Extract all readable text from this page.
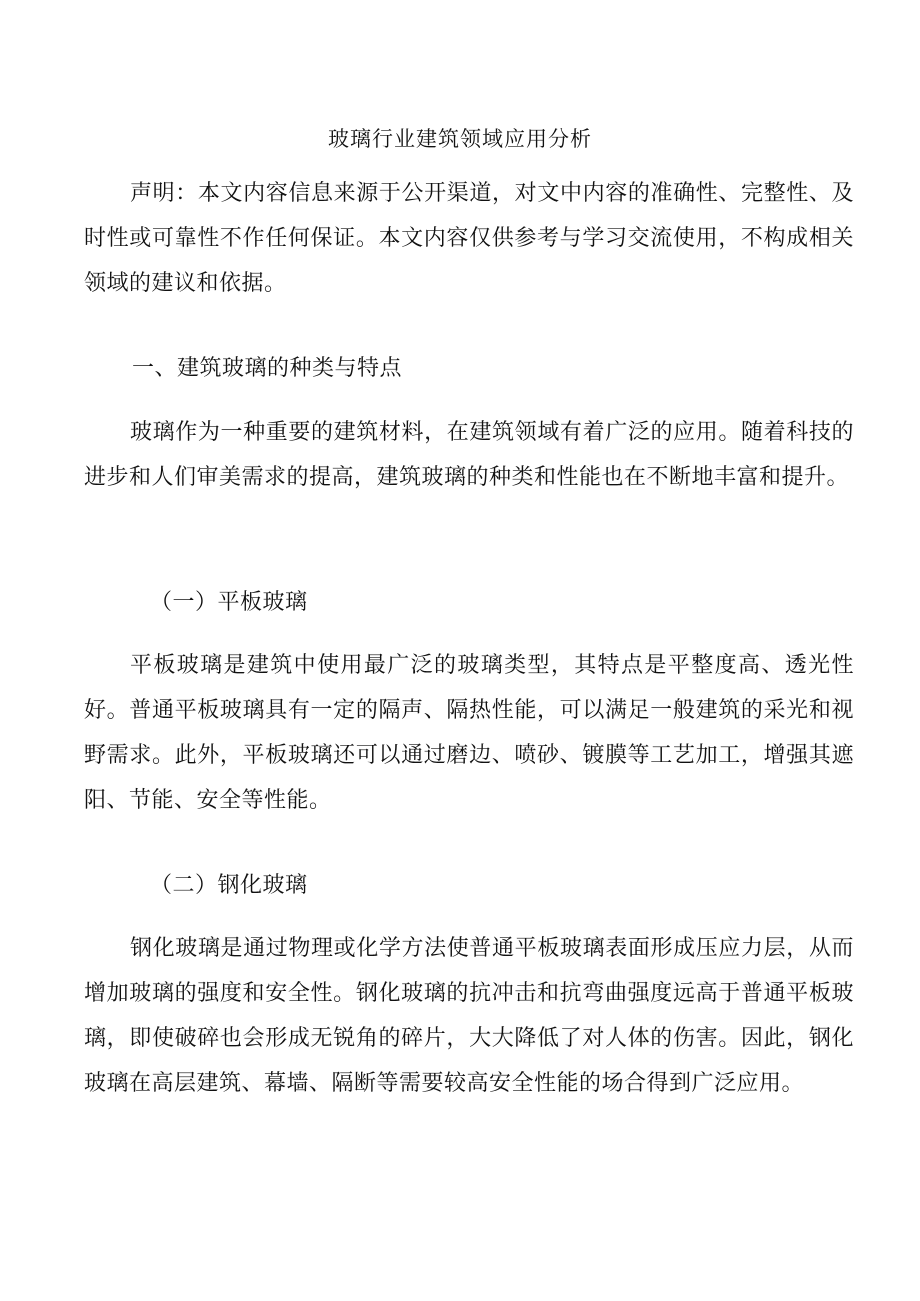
玻璃行业建筑领域应用分析

声明：本文内容信息来源于公开渠道，对文中内容的准确性、完整性、及时性或可靠性不作任何保证。本文内容仅供参考与学习交流使用，不构成相关领域的建议和依据。

一、建筑玻璃的种类与特点

玻璃作为一种重要的建筑材料，在建筑领域有着广泛的应用。随着科技的进步和人们审美需求的提高，建筑玻璃的种类和性能也在不断地丰富和提升。

（一）平板玻璃

平板玻璃是建筑中使用最广泛的玻璃类型，其特点是平整度高、透光性好。普通平板玻璃具有一定的隔声、隔热性能，可以满足一般建筑的采光和视野需求。此外，平板玻璃还可以通过磨边、喷砂、镀膜等工艺加工，增强其遮阳、节能、安全等性能。

（二）钢化玻璃

钢化玻璃是通过物理或化学方法使普通平板玻璃表面形成压应力层，从而增加玻璃的强度和安全性。钢化玻璃的抗冲击和抗弯曲强度远高于普通平板玻璃，即使破碎也会形成无锐角的碎片，大大降低了对人体的伤害。因此，钢化玻璃在高层建筑、幕墙、隔断等需要较高安全性能的场合得到广泛应用。
